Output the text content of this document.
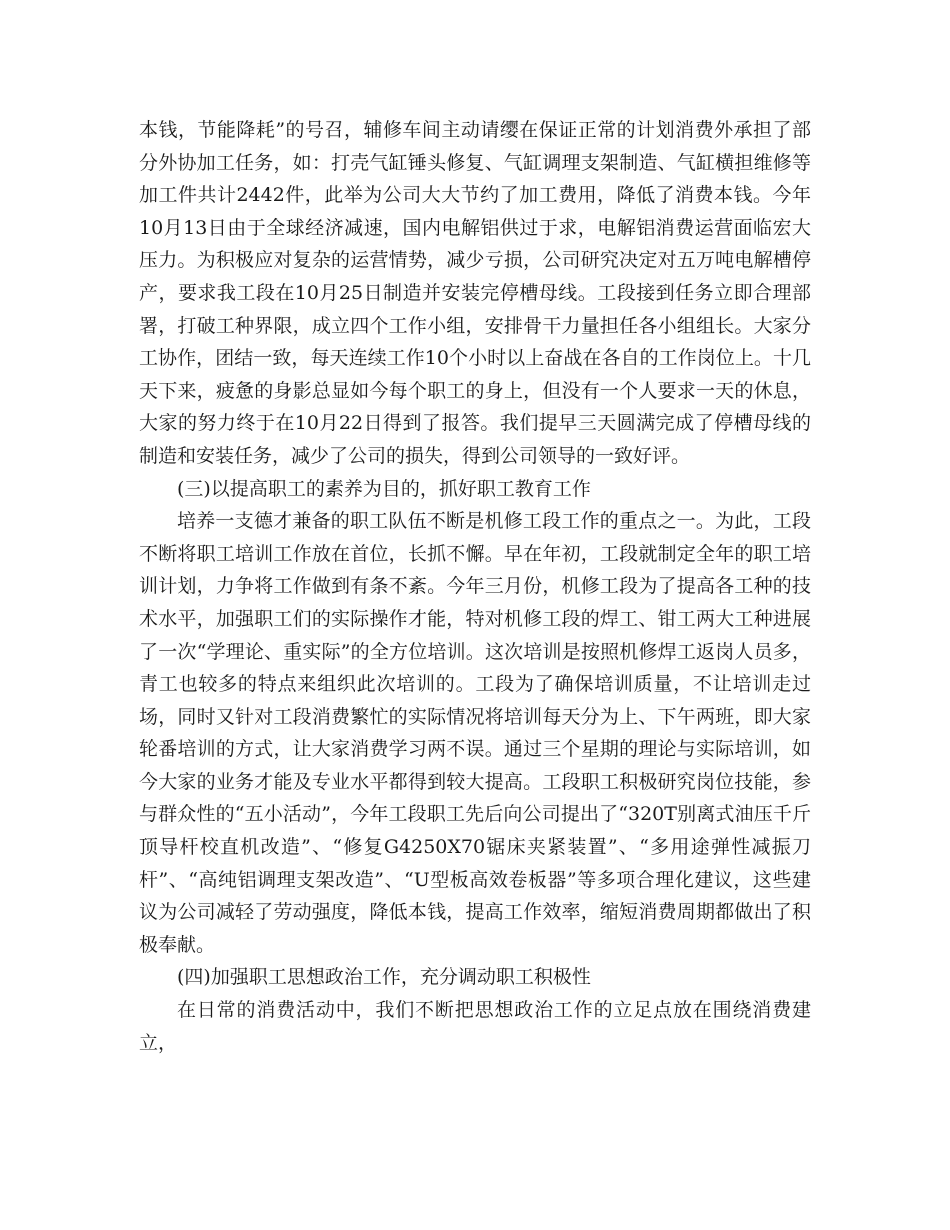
本钱，节能降耗”的号召，辅修车间主动请缨在保证正常的计划消费外承担了部分外协加工任务，如：打壳气缸锤头修复、气缸调理支架制造、气缸横担维修等加工件共计2442件，此举为公司大大节约了加工费用，降低了消费本钱。今年10月13日由于全球经济减速，国内电解铝供过于求，电解铝消费运营面临宏大压力。为积极应对复杂的运营情势，减少亏损，公司研究决定对五万吨电解槽停产，要求我工段在10月25日制造并安装完停槽母线。工段接到任务立即合理部署，打破工种界限，成立四个工作小组，安排骨干力量担任各小组组长。大家分工协作，团结一致，每天连续工作10个小时以上奋战在各自的工作岗位上。十几天下来，疲惫的身影总显如今每个职工的身上，但没有一个人要求一天的休息，大家的努力终于在10月22日得到了报答。我们提早三天圆满完成了停槽母线的制造和安装任务，减少了公司的损失，得到公司领导的一致好评。

(三)以提高职工的素养为目的，抓好职工教育工作

培养一支德才兼备的职工队伍不断是机修工段工作的重点之一。为此，工段不断将职工培训工作放在首位，长抓不懈。早在年初，工段就制定全年的职工培训计划，力争将工作做到有条不紊。今年三月份，机修工段为了提高各工种的技术水平，加强职工们的实际操作才能，特对机修工段的焊工、钳工两大工种进展了一次“学理论、重实际”的全方位培训。这次培训是按照机修焊工返岗人员多，青工也较多的特点来组织此次培训的。工段为了确保培训质量，不让培训走过场，同时又针对工段消费繁忙的实际情况将培训每天分为上、下午两班，即大家轮番培训的方式，让大家消费学习两不误。通过三个星期的理论与实际培训，如今大家的业务才能及专业水平都得到较大提高。工段职工积极研究岗位技能，参与群众性的“五小活动”，今年工段职工先后向公司提出了“320T别离式油压千斤顶导杆校直机改造”、“修复G4250X70锯床夹紧装置”、“多用途弹性减振刀杆”、“高纯铝调理支架改造”、“U型板高效卷板器”等多项合理化建议，这些建议为公司减轻了劳动强度，降低本钱，提高工作效率，缩短消费周期都做出了积极奉献。

(四)加强职工思想政治工作，充分调动职工积极性

在日常的消费活动中，我们不断把思想政治工作的立足点放在围绕消费建立，
